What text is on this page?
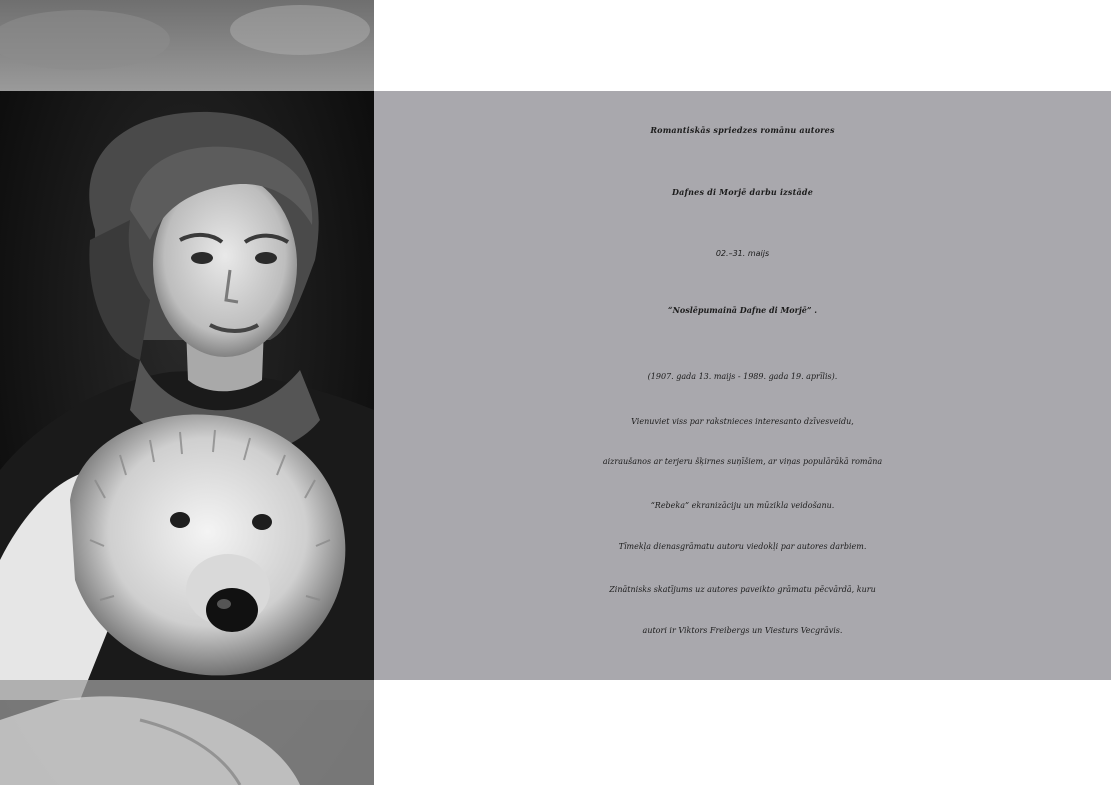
Romantiskās spriedzes romānu autores
Dafnes di Morjē darbu izstāde
02.–31. maijs
“Noslēpumainā Dafne di Morjē” .
(1907. gada 13. maijs - 1989. gada 19. aprīlis).
Vienuviet viss par rakstnieces interesanto dzīvesveidu,
aizraušanos ar terjeru šķirnes suņīšiem, ar viņas populārākā romāna
“Rebeka” ekranizāciju un mūzikla veidošanu.
Tīmekļa dienasgrāmatu autoru viedokļi par autores darbiem.
Zinātnisks skatījums uz autores paveikto grāmatu pēcvārdā, kuru
autori ir Viktors Freibergs un Viesturs Vecgrāvis.
